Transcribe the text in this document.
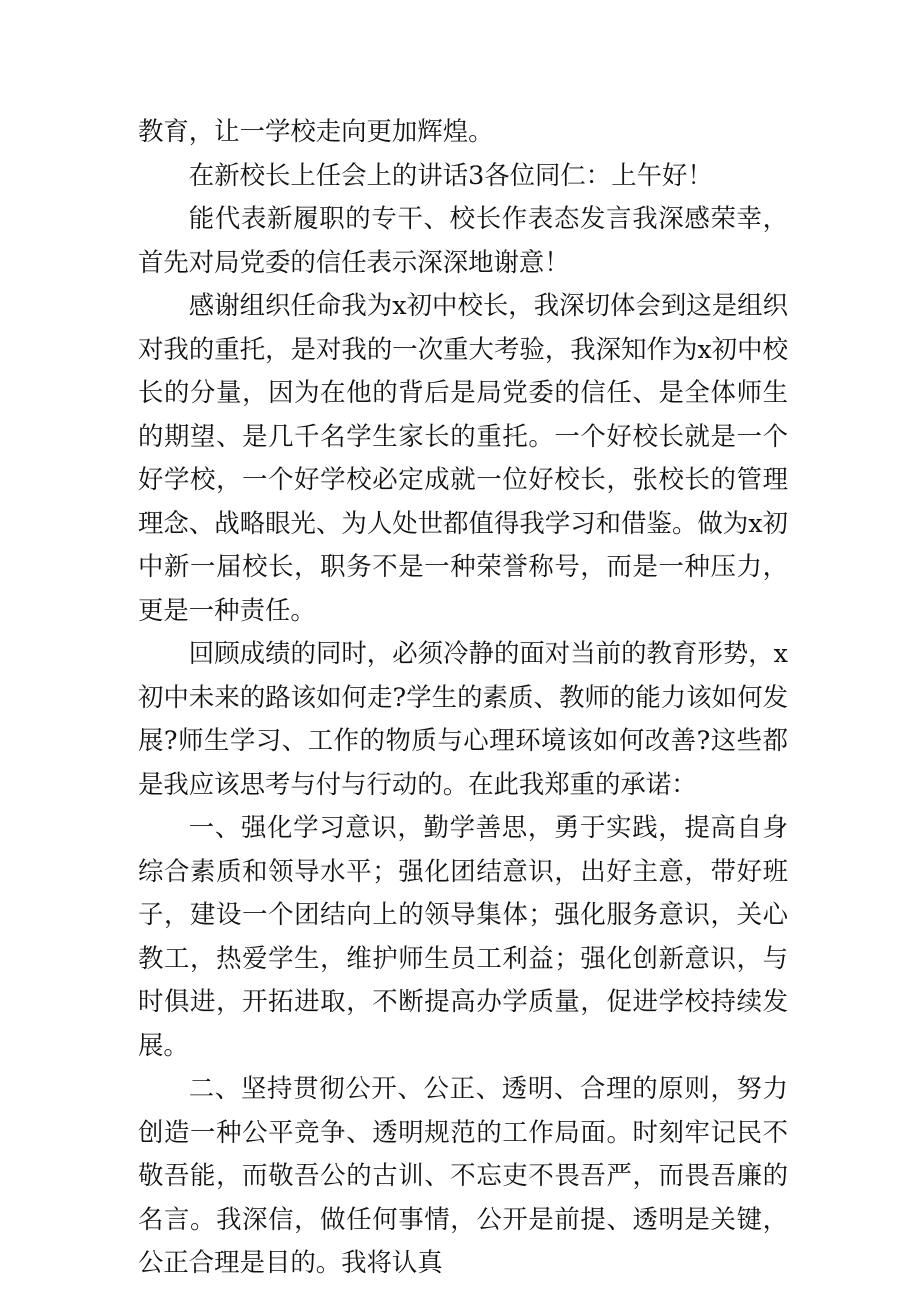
教育，让一学校走向更加辉煌。

在新校长上任会上的讲话3各位同仁：上午好！

能代表新履职的专干、校长作表态发言我深感荣幸，首先对局党委的信任表示深深地谢意！

感谢组织任命我为x初中校长，我深切体会到这是组织对我的重托，是对我的一次重大考验，我深知作为x初中校长的分量，因为在他的背后是局党委的信任、是全体师生的期望、是几千名学生家长的重托。一个好校长就是一个好学校，一个好学校必定成就一位好校长，张校长的管理理念、战略眼光、为人处世都值得我学习和借鉴。做为x初中新一届校长，职务不是一种荣誉称号，而是一种压力，更是一种责任。

回顾成绩的同时，必须冷静的面对当前的教育形势，x初中未来的路该如何走?学生的素质、教师的能力该如何发展?师生学习、工作的物质与心理环境该如何改善?这些都是我应该思考与付与行动的。在此我郑重的承诺：

一、强化学习意识，勤学善思，勇于实践，提高自身综合素质和领导水平；强化团结意识，出好主意，带好班子，建设一个团结向上的领导集体；强化服务意识，关心教工，热爱学生，维护师生员工利益；强化创新意识，与时俱进，开拓进取，不断提高办学质量，促进学校持续发展。

二、坚持贯彻公开、公正、透明、合理的原则，努力创造一种公平竞争、透明规范的工作局面。时刻牢记民不敬吾能，而敬吾公的古训、不忘吏不畏吾严，而畏吾廉的名言。我深信，做任何事情，公开是前提、透明是关键，公正合理是目的。我将认真
